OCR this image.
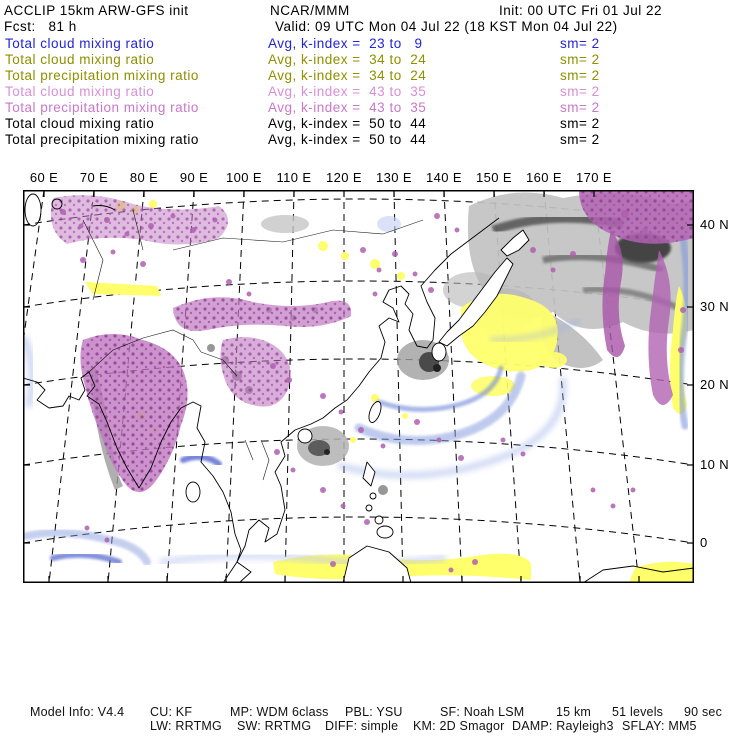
ACCLIP 15km ARW-GFS init	NCAR/MMM	Init: 00 UTC Fri 01 Jul 22
Fcst:   81 h	Valid: 09 UTC Mon 04 Jul 22 (18 KST Mon 04 Jul 22)
Total cloud mixing ratio	Avg, k-index =  23 to   9	sm= 2
Total cloud mixing ratio	Avg, k-index =  34 to  24	sm= 2
Total precipitation mixing ratio	Avg, k-index =  34 to  24	sm= 2
Total cloud mixing ratio	Avg, k-index =  43 to  35	sm= 2
Total precipitation mixing ratio	Avg, k-index =  43 to  35	sm= 2
Total cloud mixing ratio	Avg, k-index =  50 to  44	sm= 2
Total precipitation mixing ratio	Avg, k-index =  50 to  44	sm= 2
60 E	70 E	80 E	90 E	100 E	110 E	120 E	130 E	140 E	150 E	160 E	170 E
40 N
30 N
20 N
10 N
0
Model Info: V4.4 CU: KF	MP: WDM 6class PBL: YSU	SF: Noah LSM	15 km 51 levels 90 sec
LW: RRTMG SW: RRTMG DIFF: simple KM: 2D Smagor DAMP: Rayleigh3 SFLAY: MM5
